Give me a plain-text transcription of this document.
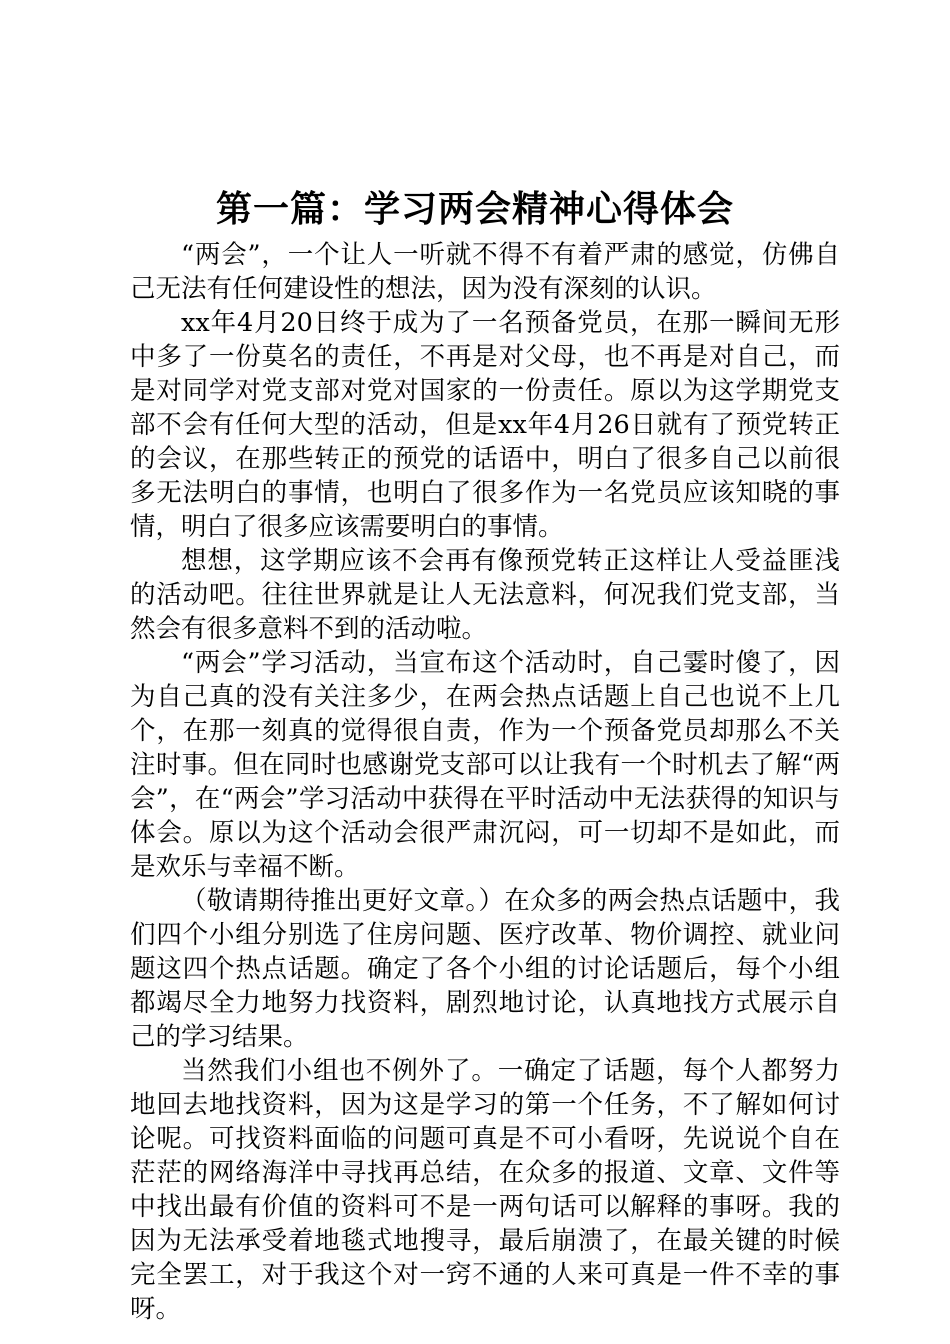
第一篇：学习两会精神心得体会

“两会”，一个让人一听就不得不有着严肃的感觉，仿佛自己无法有任何建设性的想法，因为没有深刻的认识。

xx年4月20日终于成为了一名预备党员，在那一瞬间无形中多了一份莫名的责任，不再是对父母，也不再是对自己，而是对同学对党支部对党对国家的一份责任。原以为这学期党支部不会有任何大型的活动，但是xx年4月26日就有了预党转正的会议，在那些转正的预党的话语中，明白了很多自己以前很多无法明白的事情，也明白了很多作为一名党员应该知晓的事情，明白了很多应该需要明白的事情。

想想，这学期应该不会再有像预党转正这样让人受益匪浅的活动吧。往往世界就是让人无法意料，何况我们党支部，当然会有很多意料不到的活动啦。

“两会”学习活动，当宣布这个活动时，自己霎时傻了，因为自己真的没有关注多少，在两会热点话题上自己也说不上几个，在那一刻真的觉得很自责，作为一个预备党员却那么不关注时事。但在同时也感谢党支部可以让我有一个时机去了解“两会”，在“两会”学习活动中获得在平时活动中无法获得的知识与体会。原以为这个活动会很严肃沉闷，可一切却不是如此，而是欢乐与幸福不断。

（敬请期待推出更好文章。）在众多的两会热点话题中，我们四个小组分别选了住房问题、医疗改革、物价调控、就业问题这四个热点话题。确定了各个小组的讨论话题后，每个小组都竭尽全力地努力找资料，剧烈地讨论，认真地找方式展示自己的学习结果。

当然我们小组也不例外了。一确定了话题，每个人都努力地回去地找资料，因为这是学习的第一个任务，不了解如何讨论呢。可找资料面临的问题可真是不可小看呀，先说说个自在茫茫的网络海洋中寻找再总结，在众多的报道、文章、文件等中找出最有价值的资料可不是一两句话可以解释的事呀。我的因为无法承受着地毯式地搜寻，最后崩溃了，在最关键的时候完全罢工，对于我这个对一窍不通的人来可真是一件不幸的事呀。
